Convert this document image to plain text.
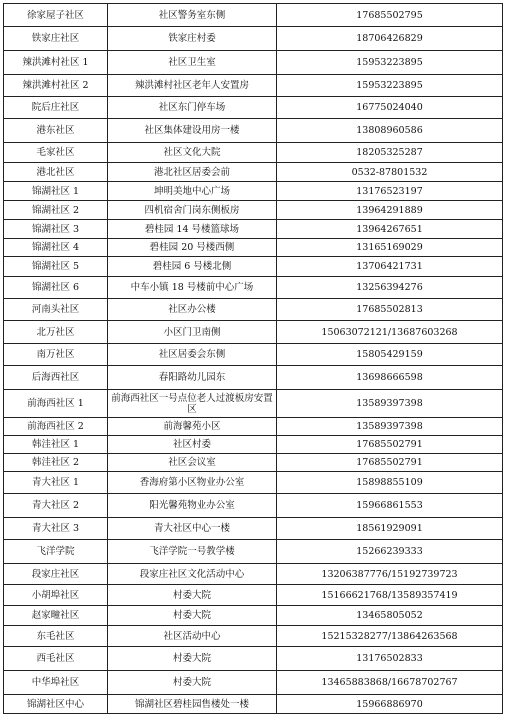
徐家屋子社区	社区警务室东侧	17685502795
铁家庄社区	铁家庄村委	18706426829
辣洪滩村社区 1	社区卫生室	15953223895
辣洪滩村社区 2	辣洪滩村社区老年人安置房	15953223895
院后庄社区	社区东门停车场	16775024040
港东社区	社区集体建设用房一楼	13808960586
毛家社区	社区文化大院	18205325287
港北社区	港北社区居委会前	0532-87801532
锦湖社区 1	坤明美地中心广场	13176523197
锦湖社区 2	四机宿舍门岗东侧板房	13964291889
锦湖社区 3	碧桂园 14 号楼篮球场	13964267651
锦湖社区 4	碧桂园 20 号楼西侧	13165169029
锦湖社区 5	碧桂园 6 号楼北侧	13706421731
锦湖社区 6	中车小镇 18 号楼前中心广场	13256394276
河南头社区	社区办公楼	17685502813
北万社区	小区门卫南侧	15063072121/13687603268
南万社区	社区居委会东侧	15805429159
后海西社区	春阳路幼儿园东	13698666598
前海西社区 1	前海西社区一号点位老人过渡板房安置区	13589397398
前海西社区 2	前海馨苑小区	13589397398
韩洼社区 1	社区村委	17685502791
韩洼社区 2	社区会议室	17685502791
青大社区 1	香海府第小区物业办公室	15898855109
青大社区 2	阳光馨苑物业办公室	15966861553
青大社区 3	青大社区中心一楼	18561929091
飞洋学院	飞洋学院一号教学楼	15266239333
段家庄社区	段家庄社区文化活动中心	13206387776/15192739723
小胡埠社区	村委大院	15166621768/13589357419
赵家疃社区	村委大院	13465805052
东毛社区	社区活动中心	15215328277/13864263568
西毛社区	村委大院	13176502833
中华埠社区	村委大院	13465883868/16678702767
锦湖社区中心	锦湖社区碧桂园售楼处一楼	15966886970
